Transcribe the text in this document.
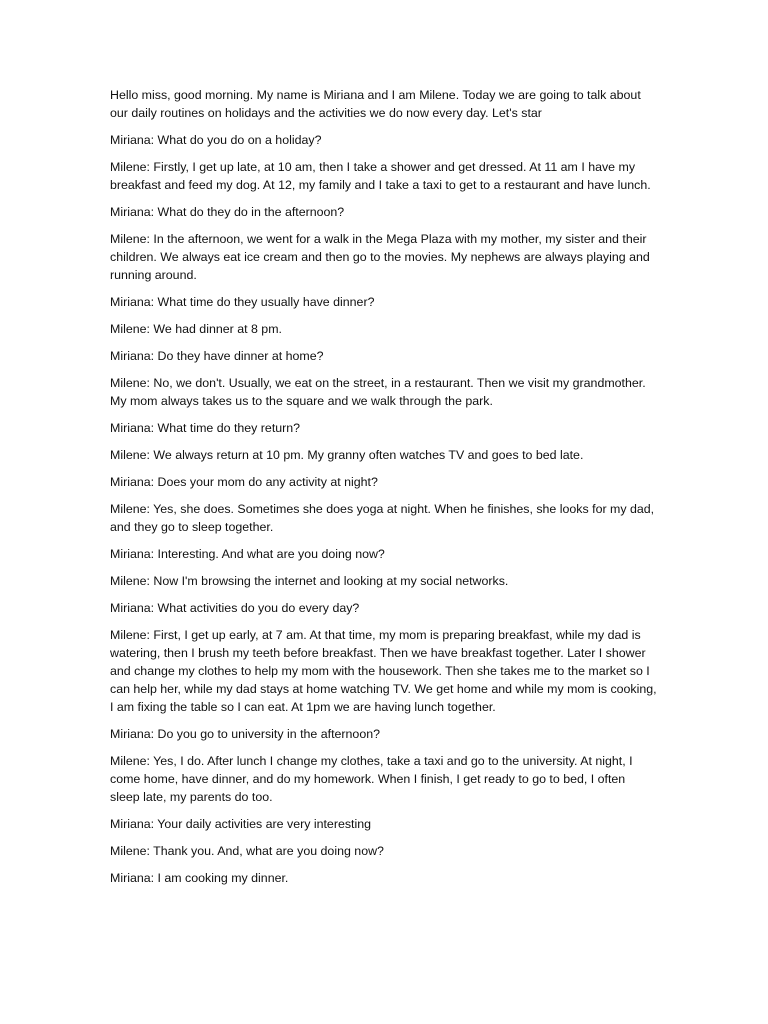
Hello miss, good morning. My name is Miriana and I am Milene. Today we are going to talk about our daily routines on holidays and the activities we do now every day. Let's star

Miriana: What do you do on a holiday?

Milene: Firstly, I get up late, at 10 am, then I take a shower and get dressed. At 11 am I have my breakfast and feed my dog. At 12, my family and I take a taxi to get to a restaurant and have lunch.

Miriana: What do they do in the afternoon?

Milene: In the afternoon, we went for a walk in the Mega Plaza with my mother, my sister and their children. We always eat ice cream and then go to the movies. My nephews are always playing and running around.

Miriana: What time do they usually have dinner?

Milene: We had dinner at 8 pm.

Miriana: Do they have dinner at home?

Milene: No, we don't. Usually, we eat on the street, in a restaurant. Then we visit my grandmother. My mom always takes us to the square and we walk through the park.

Miriana: What time do they return?

Milene: We always return at 10 pm. My granny often watches TV and goes to bed late.

Miriana: Does your mom do any activity at night?

Milene: Yes, she does. Sometimes she does yoga at night. When he finishes, she looks for my dad, and they go to sleep together.

Miriana: Interesting. And what are you doing now?

Milene: Now I'm browsing the internet and looking at my social networks.

Miriana: What activities do you do every day?

Milene: First, I get up early, at 7 am. At that time, my mom is preparing breakfast, while my dad is watering, then I brush my teeth before breakfast. Then we have breakfast together. Later I shower and change my clothes to help my mom with the housework. Then she takes me to the market so I can help her, while my dad stays at home watching TV. We get home and while my mom is cooking, I am fixing the table so I can eat. At 1pm we are having lunch together.

Miriana: Do you go to university in the afternoon?

Milene: Yes, I do. After lunch I change my clothes, take a taxi and go to the university. At night, I come home, have dinner, and do my homework. When I finish, I get ready to go to bed, I often sleep late, my parents do too.

Miriana: Your daily activities are very interesting

Milene: Thank you. And, what are you doing now?

Miriana: I am cooking my dinner.
